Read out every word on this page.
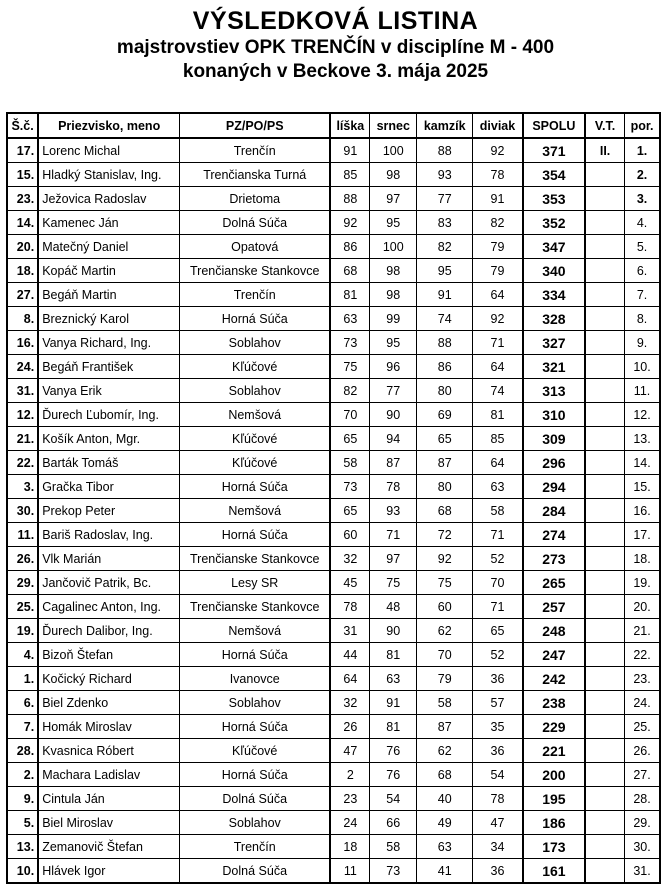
VÝSLEDKOVÁ LISTINA
majstrovstiev OPK TRENČÍN v disciplíne M - 400
konaných v Beckove 3. mája 2025
Š.č.	Priezvisko, meno	PZ/PO/PS	líška	srnec	kamzík	diviak	SPOLU	V.T.	por.
17.	Lorenc Michal	Trenčín	91	100	88	92	371	II.	1.
15.	Hladký Stanislav, Ing.	Trenčianska Turná	85	98	93	78	354		2.
23.	Ježovica Radoslav	Drietoma	88	97	77	91	353		3.
14.	Kamenec Ján	Dolná Súča	92	95	83	82	352		4.
20.	Matečný Daniel	Opatová	86	100	82	79	347		5.
18.	Kopáč Martin	Trenčianske Stankovce	68	98	95	79	340		6.
27.	Begáň Martin	Trenčín	81	98	91	64	334		7.
8.	Breznický Karol	Horná Súča	63	99	74	92	328		8.
16.	Vanya Richard, Ing.	Soblahov	73	95	88	71	327		9.
24.	Begáň František	Kľúčové	75	96	86	64	321		10.
31.	Vanya Erik	Soblahov	82	77	80	74	313		11.
12.	Ďurech Ľubomír, Ing.	Nemšová	70	90	69	81	310		12.
21.	Košík Anton, Mgr.	Kľúčové	65	94	65	85	309		13.
22.	Barták Tomáš	Kľúčové	58	87	87	64	296		14.
3.	Gračka Tibor	Horná Súča	73	78	80	63	294		15.
30.	Prekop Peter	Nemšová	65	93	68	58	284		16.
11.	Bariš Radoslav, Ing.	Horná Súča	60	71	72	71	274		17.
26.	Vlk Marián	Trenčianske Stankovce	32	97	92	52	273		18.
29.	Jančovič Patrik, Bc.	Lesy SR	45	75	75	70	265		19.
25.	Cagalinec Anton, Ing.	Trenčianske Stankovce	78	48	60	71	257		20.
19.	Ďurech Dalibor, Ing.	Nemšová	31	90	62	65	248		21.
4.	Bizoň Štefan	Horná Súča	44	81	70	52	247		22.
1.	Kočický Richard	Ivanovce	64	63	79	36	242		23.
6.	Biel Zdenko	Soblahov	32	91	58	57	238		24.
7.	Homák Miroslav	Horná Súča	26	81	87	35	229		25.
28.	Kvasnica Róbert	Kľúčové	47	76	62	36	221		26.
2.	Machara Ladislav	Horná Súča	2	76	68	54	200		27.
9.	Cintula Ján	Dolná Súča	23	54	40	78	195		28.
5.	Biel Miroslav	Soblahov	24	66	49	47	186		29.
13.	Zemanovič Štefan	Trenčín	18	58	63	34	173		30.
10.	Hlávek Igor	Dolná Súča	11	73	41	36	161		31.
